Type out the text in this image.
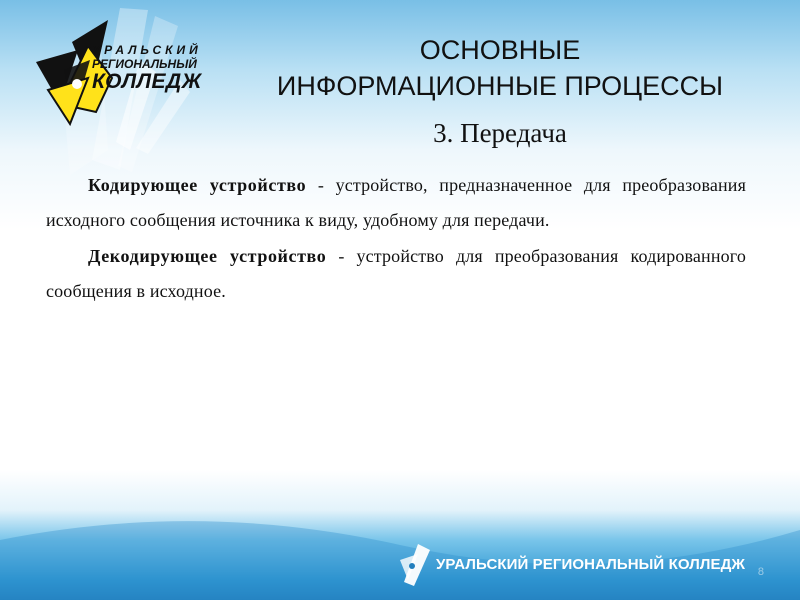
УРАЛЬСКИЙ
РЕГИОНАЛЬНЫЙ
КОЛЛЕДЖ
ОСНОВНЫЕ
ИНФОРМАЦИОННЫЕ ПРОЦЕССЫ
3. Передача

Кодирующее устройство - устройство, предназначенное для преобразования исходного сообщения источника к виду, удобному для передачи.

Декодирующее устройство - устройство для преобразования кодированного сообщения в исходное.

УРАЛЬСКИЙ РЕГИОНАЛЬНЫЙ КОЛЛЕДЖ	8
